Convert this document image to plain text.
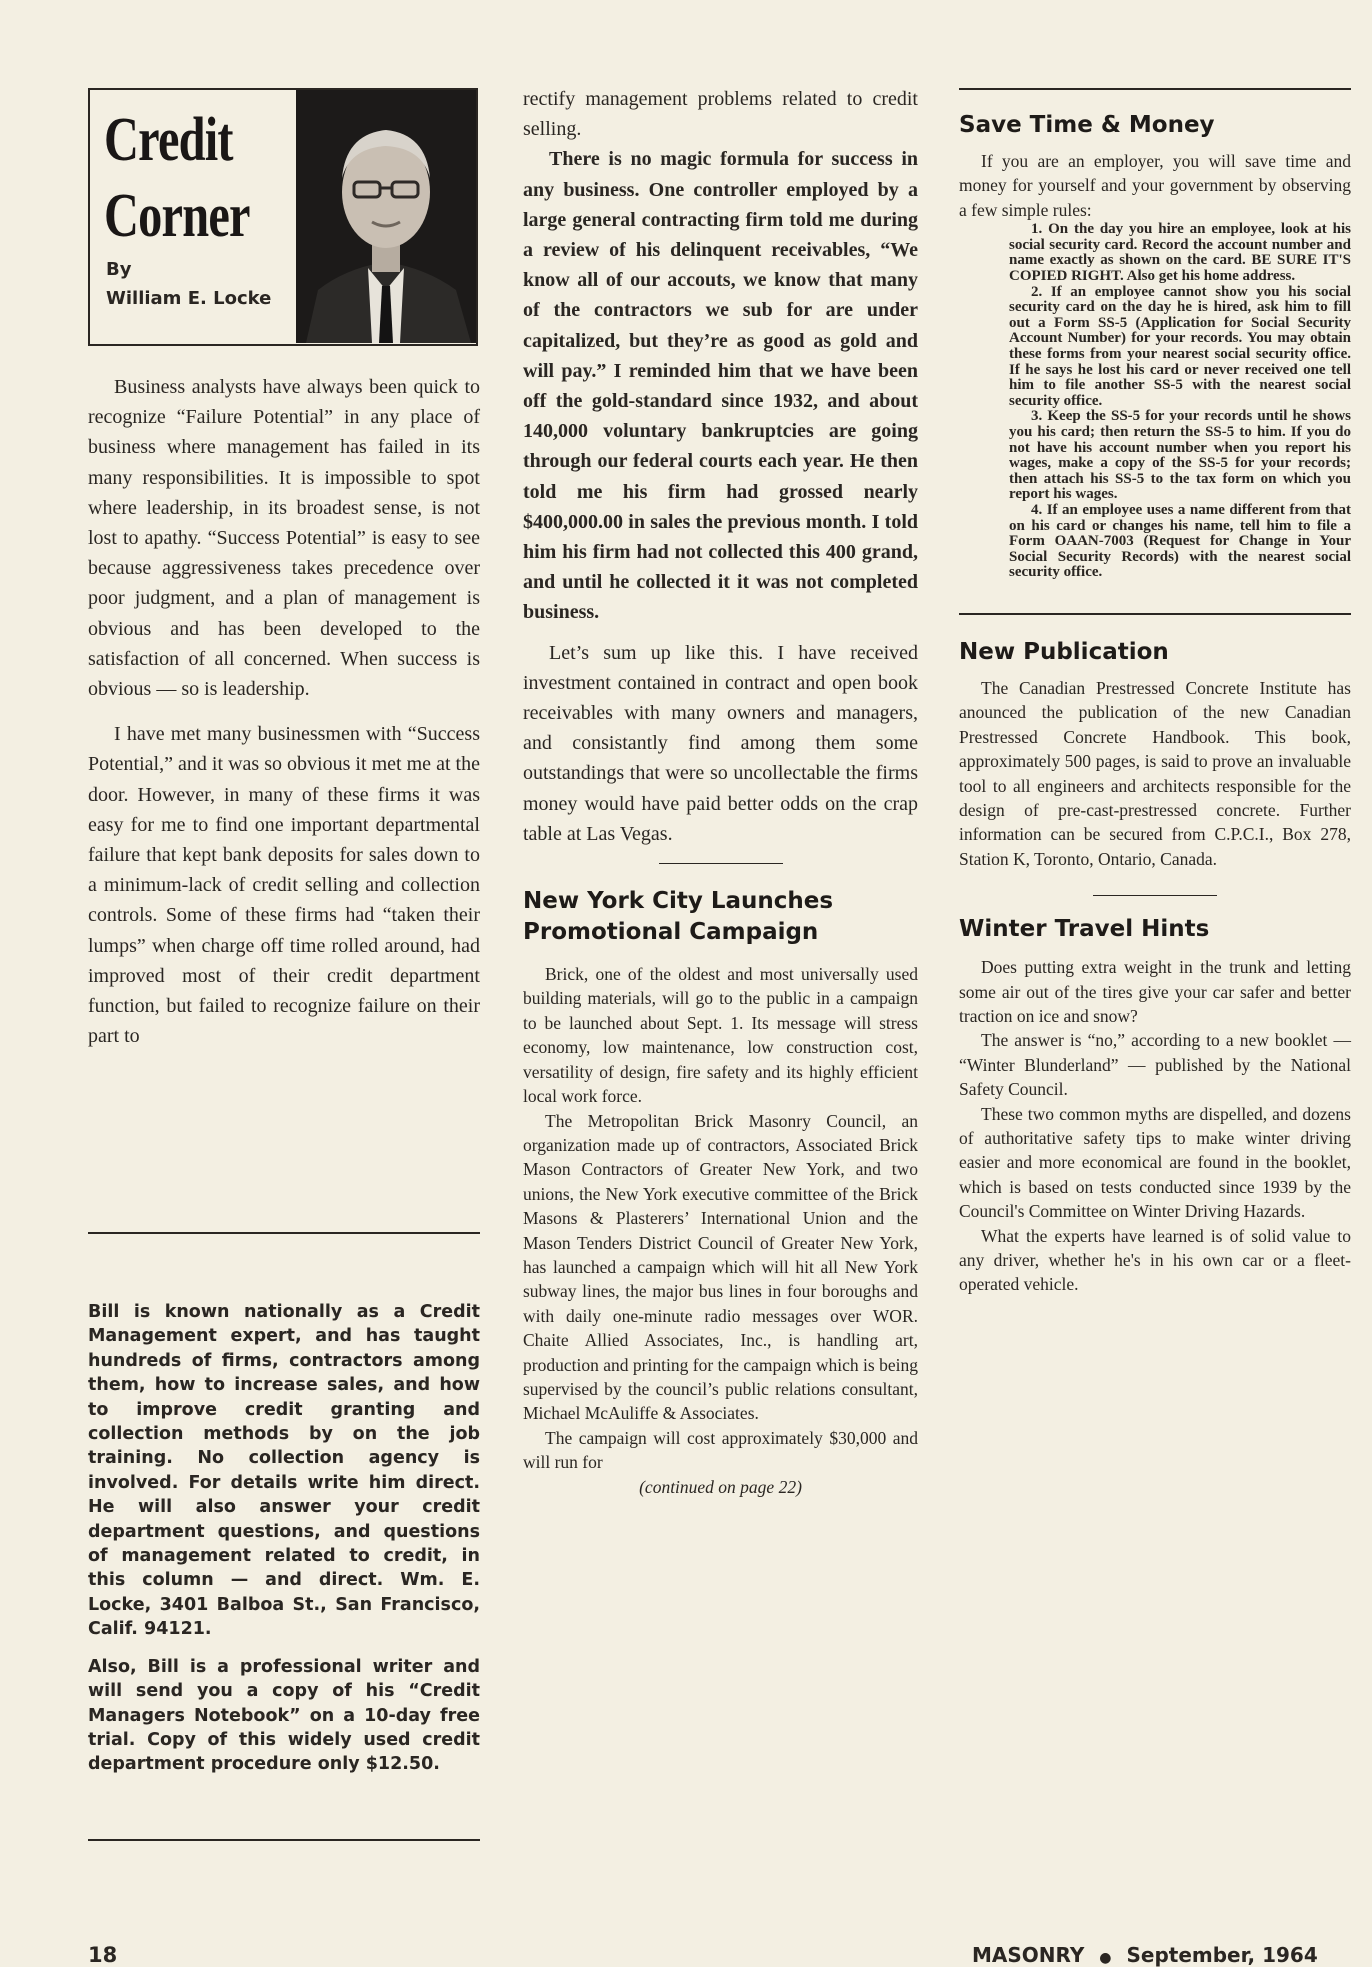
Credit
Corner
By
William E. Locke

Business analysts have always been quick to recognize “Failure Potential” in any place of business where management has failed in its many responsibilities. It is impossible to spot where leadership, in its broadest sense, is not lost to apathy. “Success Potential” is easy to see because aggressiveness takes precedence over poor judgment, and a plan of management is obvious and has been developed to the satisfaction of all concerned. When success is obvious — so is leadership.

I have met many businessmen with “Success Potential,” and it was so obvious it met me at the door. However, in many of these firms it was easy for me to find one important departmental failure that kept bank deposits for sales down to a minimum-lack of credit selling and collection controls. Some of these firms had “taken their lumps” when charge off time rolled around, had improved most of their credit department function, but failed to recognize failure on their part to

Bill is known nationally as a Credit Management expert, and has taught hundreds of firms, contractors among them, how to increase sales, and how to improve credit granting and collection methods by on the job training. No collection agency is involved. For details write him direct. He will also answer your credit department questions, and questions of management related to credit, in this column — and direct. Wm. E. Locke, 3401 Balboa St., San Francisco, Calif. 94121.

Also, Bill is a professional writer and will send you a copy of his “Credit Managers Notebook” on a 10-day free trial. Copy of this widely used credit department procedure only $12.50.

rectify management problems related to credit selling.

There is no magic formula for success in any business. One controller employed by a large general contracting firm told me during a review of his delinquent receivables, “We know all of our accouts, we know that many of the contractors we sub for are under capitalized, but they’re as good as gold and will pay.” I reminded him that we have been off the gold-standard since 1932, and about 140,000 voluntary bankruptcies are going through our federal courts each year. He then told me his firm had grossed nearly $400,000.00 in sales the previous month. I told him his firm had not collected this 400 grand, and until he collected it it was not completed business.

Let’s sum up like this. I have received investment contained in contract and open book receivables with many owners and managers, and consistantly find among them some outstandings that were so uncollectable the firms money would have paid better odds on the crap table at Las Vegas.

New York City Launches Promotional Campaign

Brick, one of the oldest and most universally used building materials, will go to the public in a campaign to be launched about Sept. 1. Its message will stress economy, low maintenance, low construction cost, versatility of design, fire safety and its highly efficient local work force.

The Metropolitan Brick Masonry Council, an organization made up of contractors, Associated Brick Mason Contractors of Greater New York, and two unions, the New York executive committee of the Brick Masons & Plasterers’ International Union and the Mason Tenders District Council of Greater New York, has launched a campaign which will hit all New York subway lines, the major bus lines in four boroughs and with daily one-minute radio messages over WOR. Chaite Allied Associates, Inc., is handling art, production and printing for the campaign which is being supervised by the council’s public relations consultant, Michael McAuliffe & Associates.

The campaign will cost approximately $30,000 and will run for

(continued on page 22)

Save Time & Money

If you are an employer, you will save time and money for yourself and your government by observing a few simple rules:

1. On the day you hire an employee, look at his social security card. Record the account number and name exactly as shown on the card. BE SURE IT'S COPIED RIGHT. Also get his home address.

2. If an employee cannot show you his social security card on the day he is hired, ask him to fill out a Form SS-5 (Application for Social Security Account Number) for your records. You may obtain these forms from your nearest social security office. If he says he lost his card or never received one tell him to file another SS-5 with the nearest social security office.

3. Keep the SS-5 for your records until he shows you his card; then return the SS-5 to him. If you do not have his account number when you report his wages, make a copy of the SS-5 for your records; then attach his SS-5 to the tax form on which you report his wages.

4. If an employee uses a name different from that on his card or changes his name, tell him to file a Form OAAN-7003 (Request for Change in Your Social Security Records) with the nearest social security office.

New Publication

The Canadian Prestressed Concrete Institute has anounced the publication of the new Canadian Prestressed Concrete Handbook. This book, approximately 500 pages, is said to prove an invaluable tool to all engineers and architects responsible for the design of pre-cast-prestressed concrete. Further information can be secured from C.P.C.I., Box 278, Station K, Toronto, Ontario, Canada.

Winter Travel Hints

Does putting extra weight in the trunk and letting some air out of the tires give your car safer and better traction on ice and snow?

The answer is “no,” according to a new booklet — “Winter Blunderland” — published by the National Safety Council.

These two common myths are dispelled, and dozens of authoritative safety tips to make winter driving easier and more economical are found in the booklet, which is based on tests conducted since 1939 by the Council's Committee on Winter Driving Hazards.

What the experts have learned is of solid value to any driver, whether he's in his own car or a fleet-operated vehicle.

18	MASONRY ● September, 1964
